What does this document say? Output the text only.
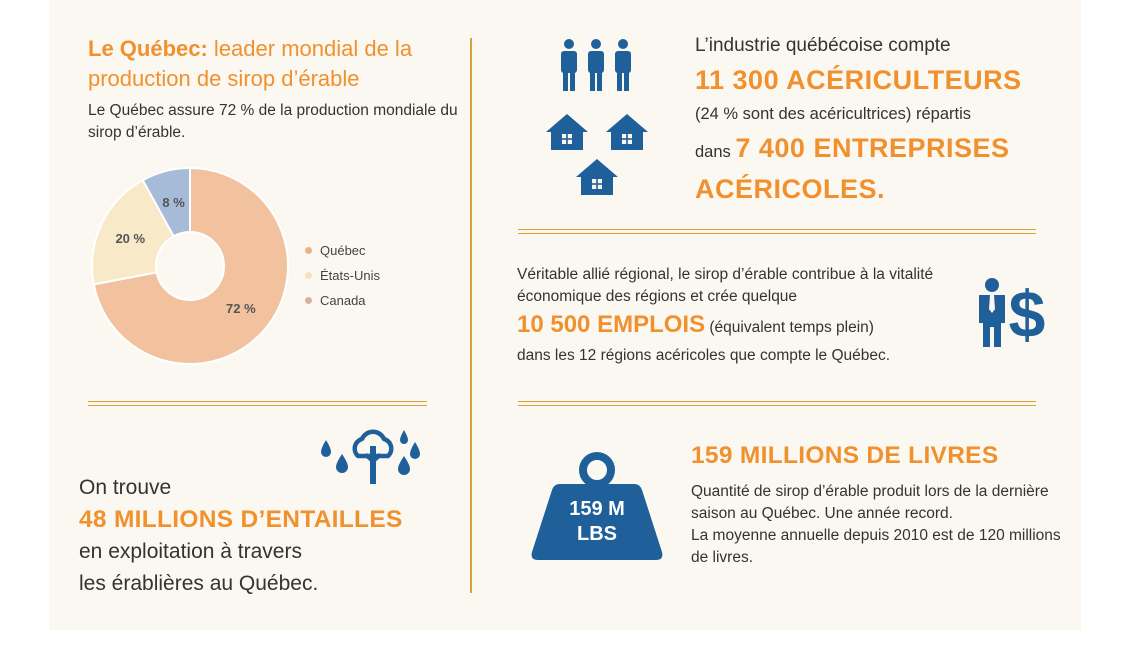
Le Québec: leader mondial de la production de sirop d’érable
Le Québec assure 72 % de la production mondiale du sirop d’érable.
72 %
20 %
8 %
Québec
États-Unis
Canada
L’industrie québécoise compte
11 300 ACÉRICULTEURS
(24 % sont des acéricultrices) répartis
dans 7 400 ENTREPRISES ACÉRICOLES.
Véritable allié régional, le sirop d’érable contribue à la vitalité économique des régions et crée quelque
10 500 EMPLOIS (équivalent temps plein)
dans les 12 régions acéricoles que compte le Québec.
$
On trouve
48 MILLIONS D’ENTAILLES
en exploitation à travers
les érablières au Québec.
159 M
LBS
159 MILLIONS DE LIVRES
Quantité de sirop d’érable produit lors de la dernière saison au Québec. Une année record.
La moyenne annuelle depuis 2010 est de 120 millions de livres.
